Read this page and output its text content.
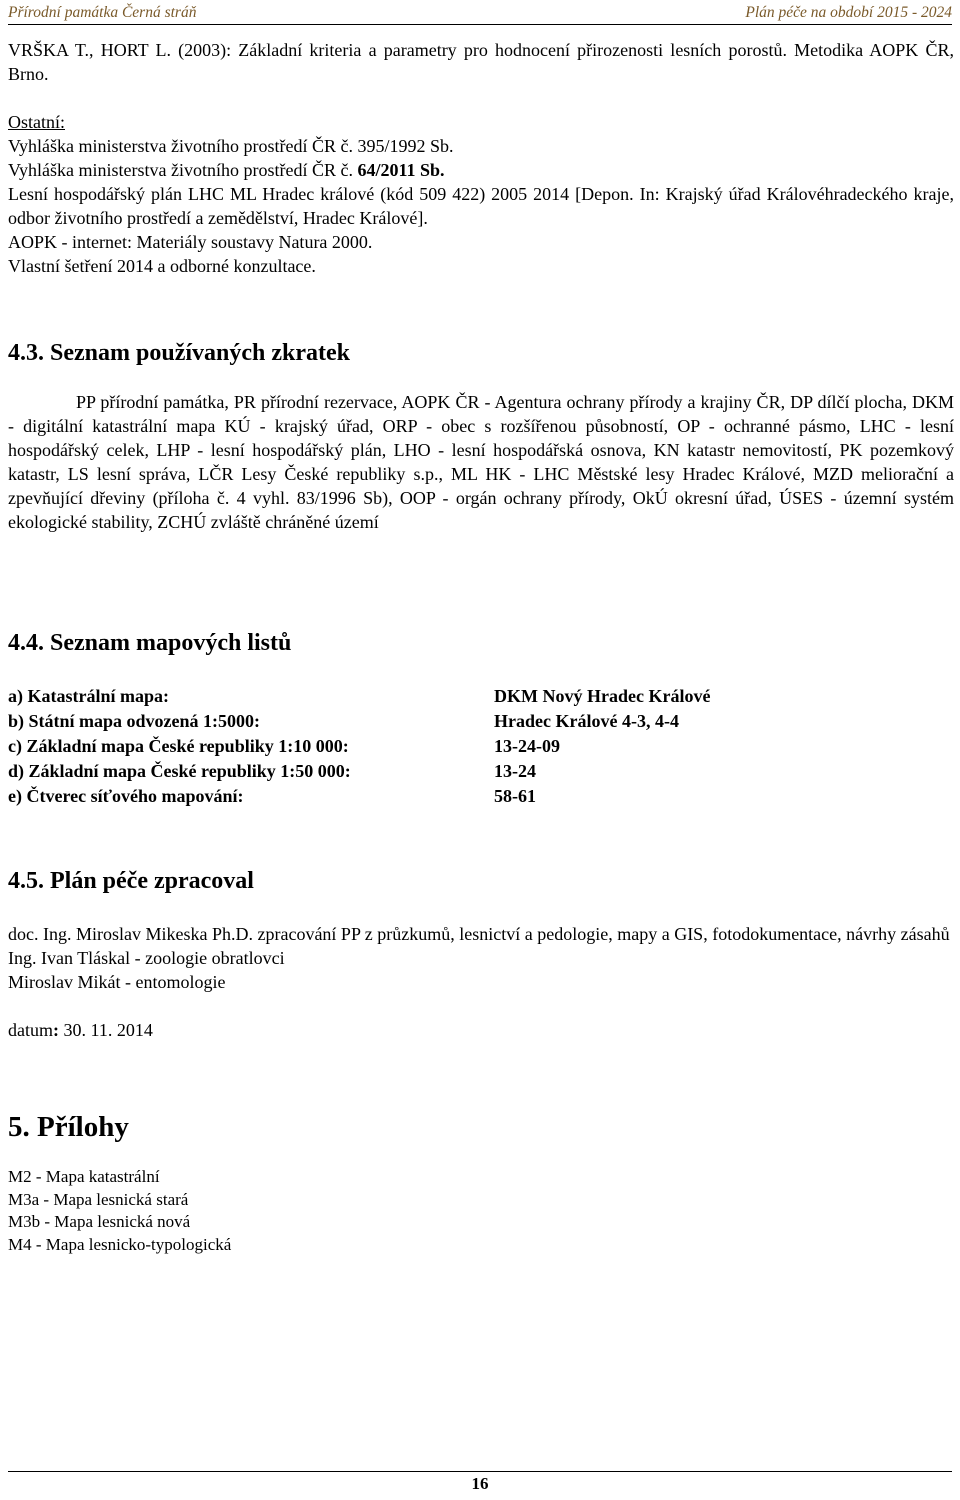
Přírodní památka Černá stráň	Plán péče na období 2015 - 2024

VRŠKA T., HORT L. (2003): Základní kriteria a parametry pro hodnocení přirozenosti lesních porostů. Metodika AOPK ČR, Brno.

Ostatní:

Vyhláška ministerstva životního prostředí ČR č. 395/1992 Sb.

Vyhláška ministerstva životního prostředí ČR č. 64/2011 Sb.

Lesní hospodářský plán LHC ML Hradec králové (kód 509 422) 2005 2014 [Depon. In: Krajský úřad Královéhradeckého kraje, odbor životního prostředí a zemědělství, Hradec Králové].

AOPK - internet: Materiály soustavy Natura 2000.

Vlastní šetření 2014 a odborné konzultace.

4.3. Seznam používaných zkratek

PP přírodní památka, PR přírodní rezervace, AOPK ČR - Agentura ochrany přírody a krajiny ČR, DP dílčí plocha, DKM - digitální katastrální mapa KÚ - krajský úřad, ORP - obec s rozšířenou působností, OP - ochranné pásmo, LHC - lesní hospodářský celek, LHP - lesní hospodářský plán, LHO - lesní hospodářská osnova, KN katastr nemovitostí, PK pozemkový katastr, LS lesní správa, LČR Lesy České republiky s.p., ML HK - LHC Městské lesy Hradec Králové, MZD meliorační a zpevňující dřeviny (příloha č. 4 vyhl. 83/1996 Sb), OOP - orgán ochrany přírody, OkÚ okresní úřad, ÚSES - územní systém ekologické stability, ZCHÚ zvláště chráněné území

4.4. Seznam mapových listů
a) Katastrální mapa:	DKM Nový Hradec Králové
b) Státní mapa odvozená 1:5000:	Hradec Králové 4-3, 4-4
c) Základní mapa České republiky 1:10 000:	13-24-09
d) Základní mapa České republiky 1:50 000:	13-24
e) Čtverec síťového mapování:	58-61
4.5. Plán péče zpracoval

doc. Ing. Miroslav Mikeska Ph.D. zpracování PP z průzkumů, lesnictví a pedologie, mapy a GIS, fotodokumentace, návrhy zásahů

Ing. Ivan Tláskal - zoologie obratlovci

Miroslav Mikát - entomologie

datum: 30. 11. 2014

5. Přílohy

M2 - Mapa katastrální

M3a - Mapa lesnická stará

M3b - Mapa lesnická nová

M4 - Mapa lesnicko-typologická

16
